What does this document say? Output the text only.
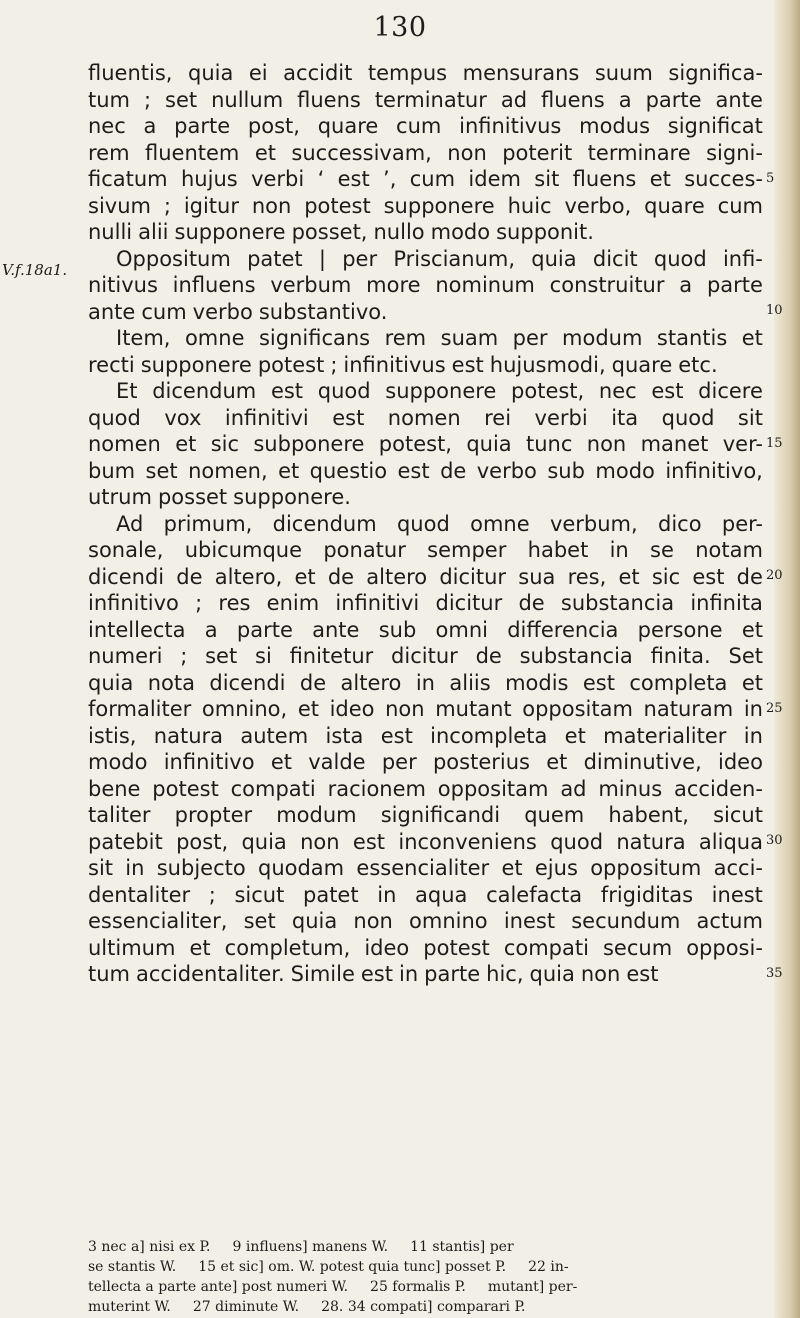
130
V.f.18a1.
fluentis, quia ei accidit tempus mensurans suum significa-
tum ; set nullum fluens terminatur ad fluens a parte ante
nec a parte post, quare cum infinitivus modus significat
rem fluentem et successivam, non poterit terminare signi-
ficatum hujus verbi ‘ est ’, cum idem sit fluens et succes-
sivum ; igitur non potest supponere huic verbo, quare cum
nulli alii supponere posset, nullo modo supponit.
Oppositum patet | per Priscianum, quia dicit quod infi-
nitivus influens verbum more nominum construitur a parte
ante cum verbo substantivo.
Item, omne significans rem suam per modum stantis et
recti supponere potest ; infinitivus est hujusmodi, quare etc.
Et dicendum est quod supponere potest, nec est dicere
quod vox infinitivi est nomen rei verbi ita quod sit
nomen et sic subponere potest, quia tunc non manet ver-
bum set nomen, et questio est de verbo sub modo infinitivo,
utrum posset supponere.
Ad primum, dicendum quod omne verbum, dico per-
sonale, ubicumque ponatur semper habet in se notam
dicendi de altero, et de altero dicitur sua res, et sic est de
infinitivo ; res enim infinitivi dicitur de substancia infinita
intellecta a parte ante sub omni differencia persone et
numeri ; set si finitetur dicitur de substancia finita. Set
quia nota dicendi de altero in aliis modis est completa et
formaliter omnino, et ideo non mutant oppositam naturam in
istis, natura autem ista est incompleta et materialiter in
modo infinitivo et valde per posterius et diminutive, ideo
bene potest compati racionem oppositam ad minus acciden-
taliter propter modum significandi quem habent, sicut
patebit post, quia non est inconveniens quod natura aliqua
sit in subjecto quodam essencialiter et ejus oppositum acci-
dentaliter ; sicut patet in aqua calefacta frigiditas inest
essencialiter, set quia non omnino inest secundum actum
ultimum et completum, ideo potest compati secum opposi-
tum accidentaliter. Simile est in parte hic, quia non est
5
10
15
20
25
30
35
3 nec a] nisi ex P. 9 influens] manens W. 11 stantis] per
se stantis W. 15 et sic] om. W. potest quia tunc] posset P. 22 in-
tellecta a parte ante] post numeri W. 25 formalis P. mutant] per-
muterint W. 27 diminute W. 28. 34 compati] comparari P.
